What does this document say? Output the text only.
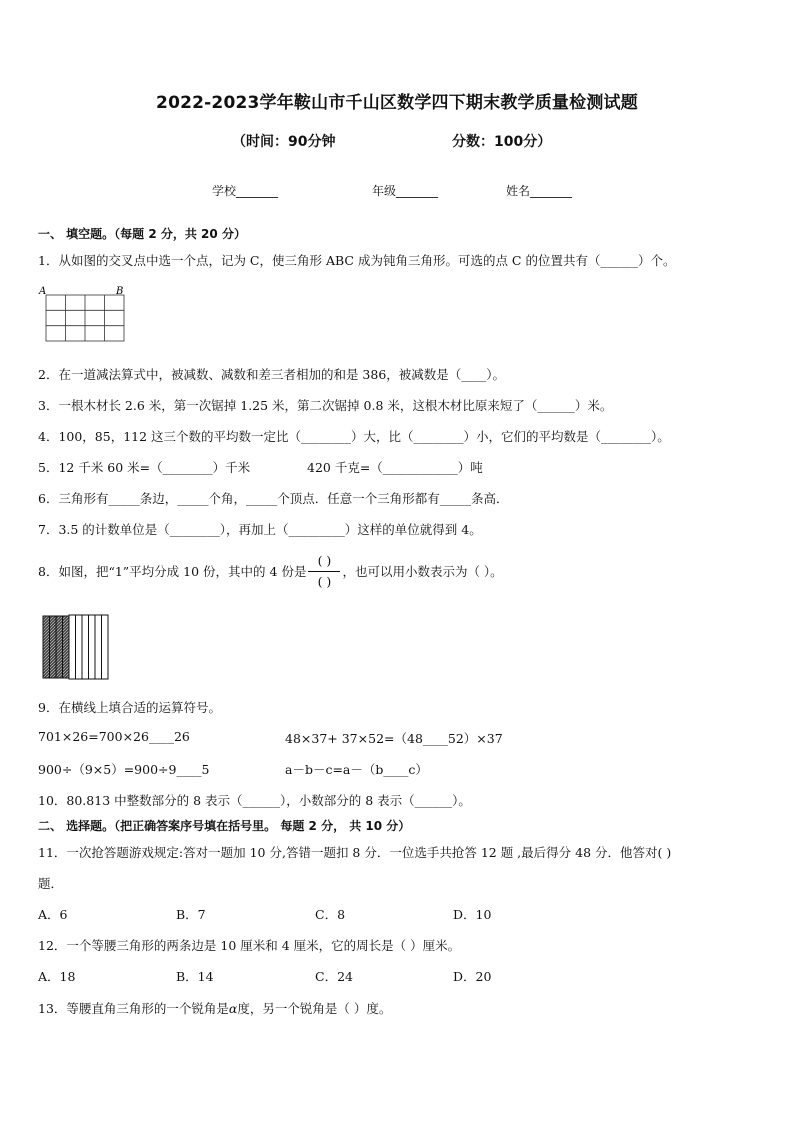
2022-2023学年鞍山市千山区数学四下期末教学质量检测试题
（时间：90分钟	分数：100分）
学校_______	年级_______	姓名_______
一、 填空题。（每题 2 分，共 20 分）
1．从如图的交叉点中选一个点，记为 C，使三角形 ABC 成为钝角三角形。可选的点 C 的位置共有（______）个。
A	B
2．在一道减法算式中，被减数、减数和差三者相加的和是 386，被减数是（____）。
3．一根木材长 2.6 米，第一次锯掉 1.25 米，第二次锯掉 0.8 米，这根木材比原来短了（______）米。
4．100，85，112 这三个数的平均数一定比（________）大，比（________）小，它们的平均数是（________）。
5．12 千米 60 米=（________）千米	420 千克=（____________）吨
6．三角形有_____条边，_____个角，_____个顶点．任意一个三角形都有_____条高．
7．3.5 的计数单位是（________），再加上（_________）这样的单位就得到 4。
8．如图，把“1”平均分成 10 份，其中的 4 份是 $\frac{( )}{( )}$ ，也可以用小数表示为（ ）。
9．在横线上填合适的运算符号。
701×26=700×26____26	48×37+ 37×52=（48____52）×37
900÷（9×5）=900÷9____5	a－b－c=a－（b____c）
10．80.813 中整数部分的 8 表示（______），小数部分的 8 表示（______）。
二、 选择题。（把正确答案序号填在括号里。 每题 2 分， 共 10 分）
11．一次抢答题游戏规定:答对一题加 10 分,答错一题扣 8 分．一位选手共抢答 12 题 ,最后得分 48 分．他答对( )
题．
A．6	B．7	C．8	D．10
12．一个等腰三角形的两条边是 10 厘米和 4 厘米，它的周长是（ ）厘米。
A．18	B．14	C．24	D．20
13．等腰直角三角形的一个锐角是α度，另一个锐角是（ ）度。
